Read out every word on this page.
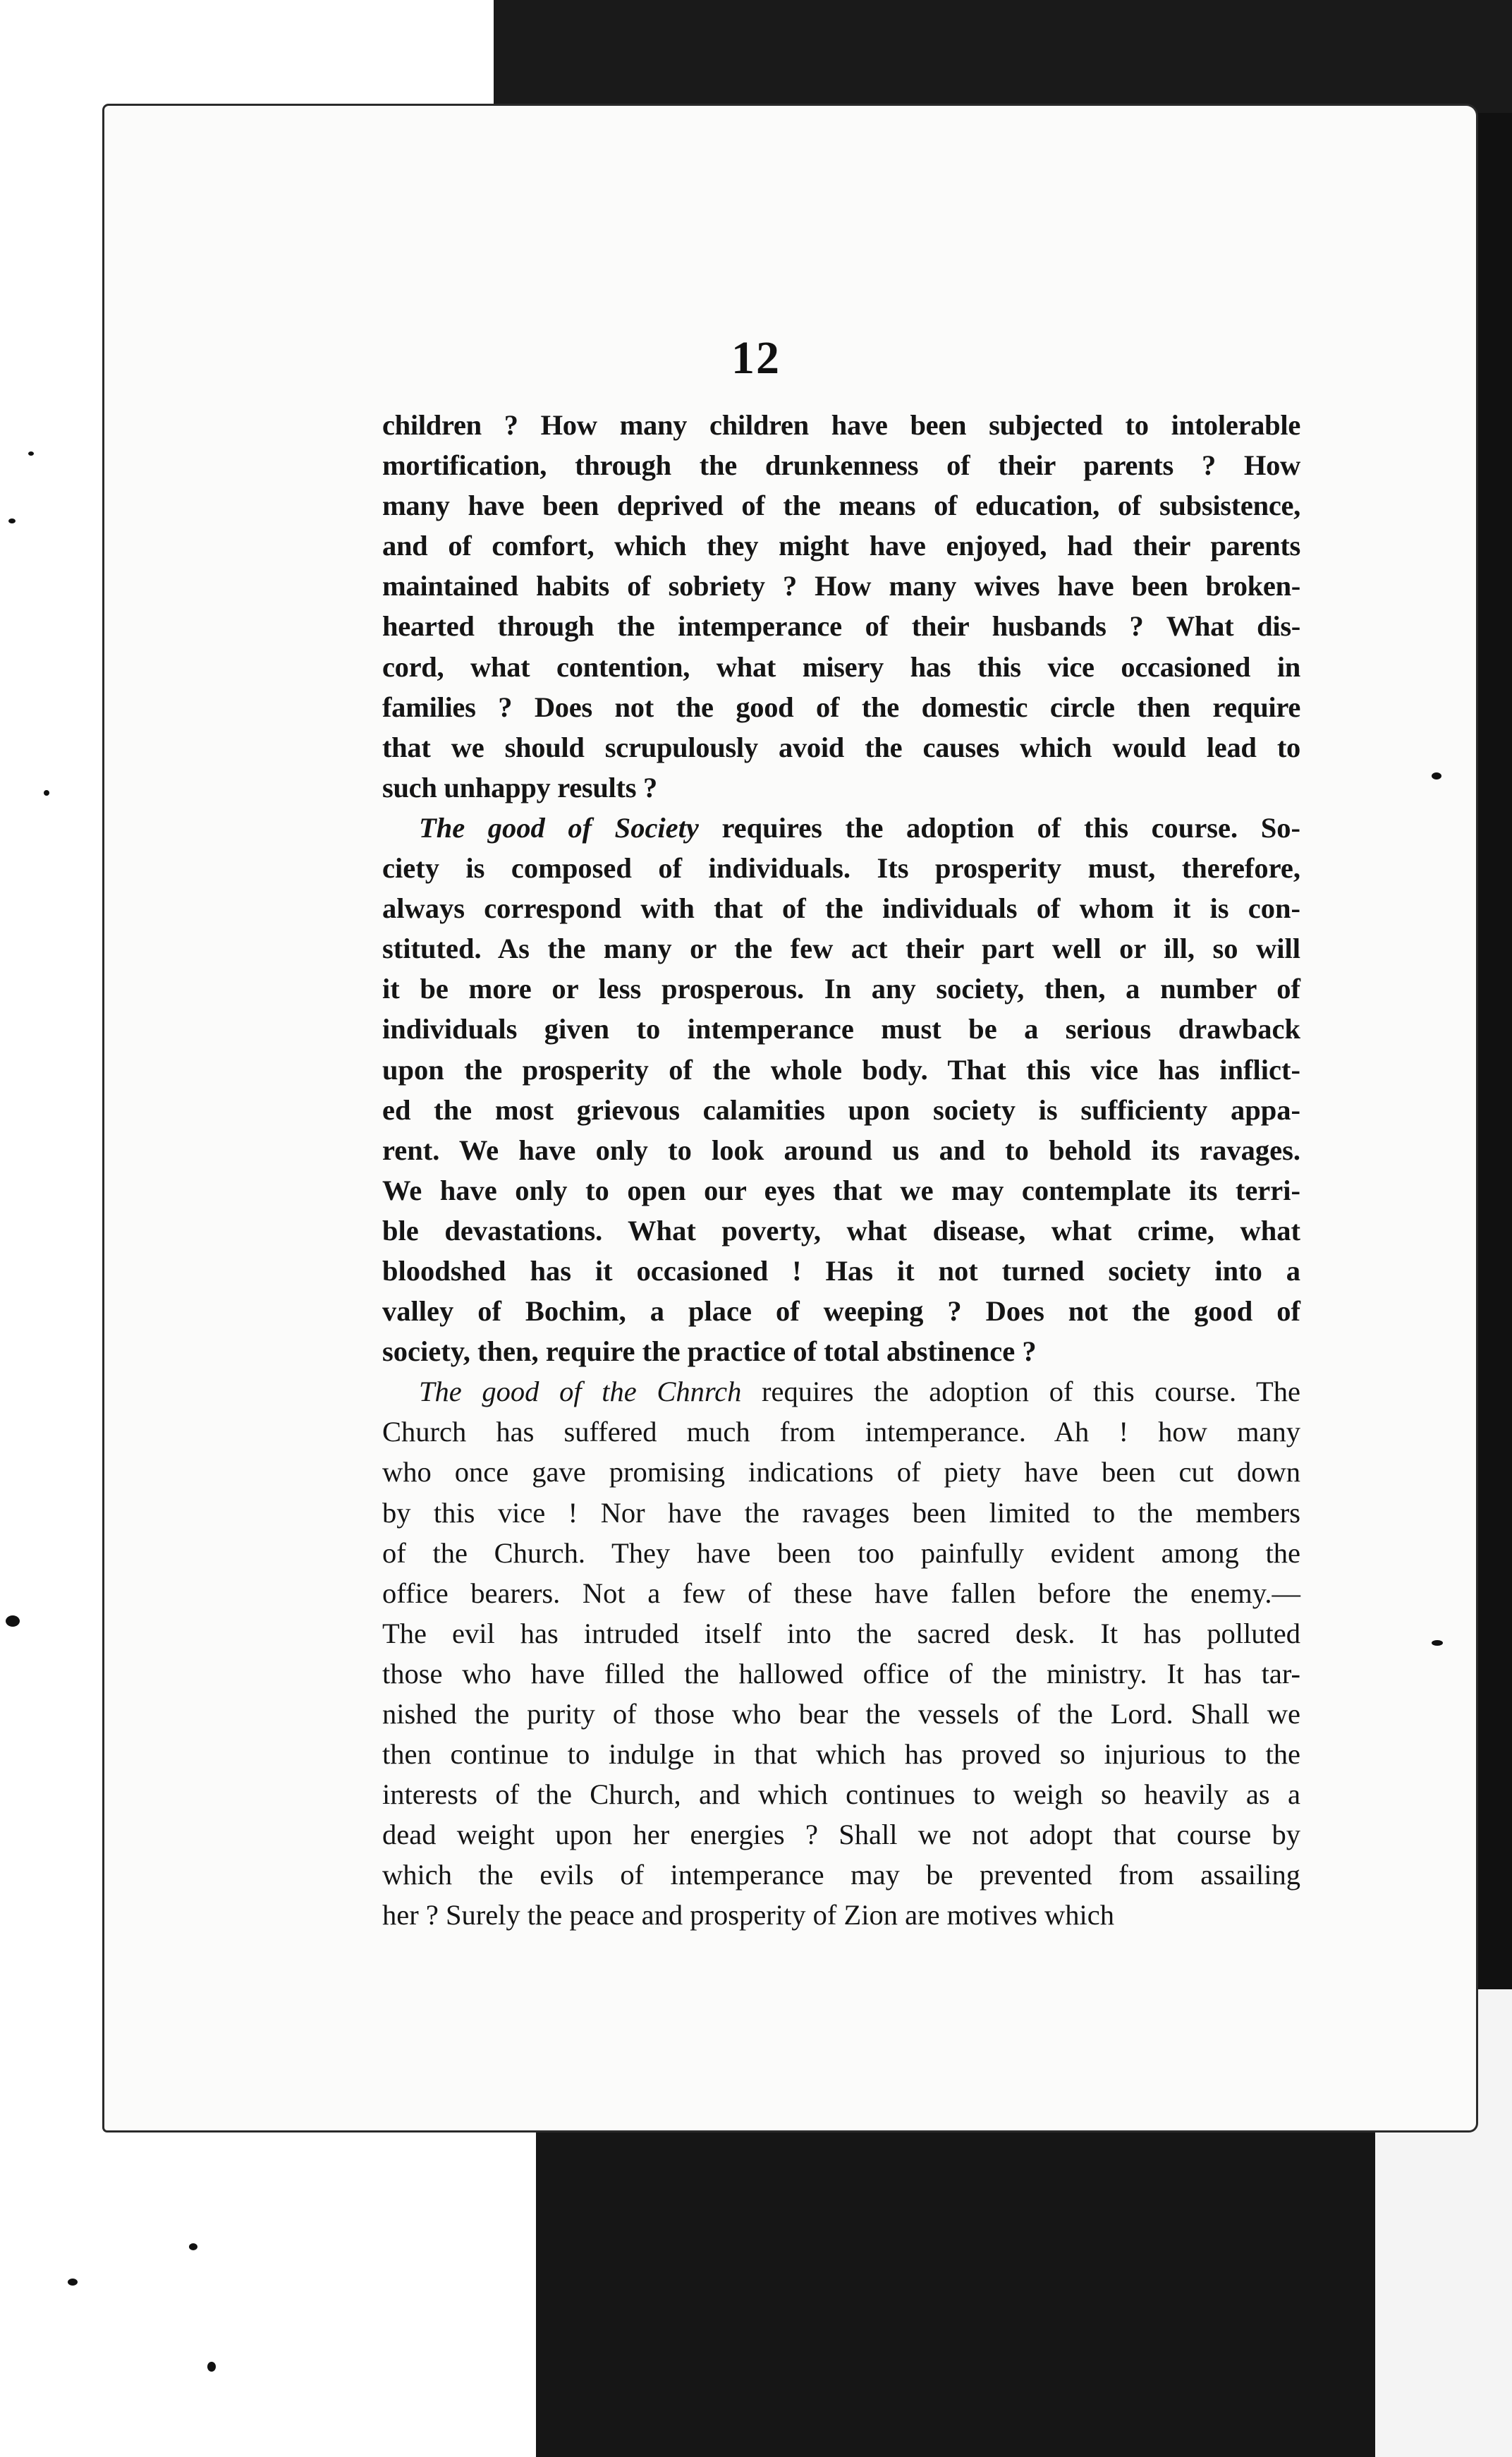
12

children ? How many children have been subjected to intolerable
mortification, through the drunkenness of their parents ? How
many have been deprived of the means of education, of subsistence,
and of comfort, which they might have enjoyed, had their parents
maintained habits of sobriety ? How many wives have been broken-
hearted through the intemperance of their husbands ? What dis-
cord, what contention, what misery has this vice occasioned in
families ? Does not the good of the domestic circle then require
that we should scrupulously avoid the causes which would lead to
such unhappy results ?

The good of Society requires the adoption of this course. So-
ciety is composed of individuals. Its prosperity must, therefore,
always correspond with that of the individuals of whom it is con-
stituted. As the many or the few act their part well or ill, so will
it be more or less prosperous. In any society, then, a number of
individuals given to intemperance must be a serious drawback
upon the prosperity of the whole body. That this vice has inflict-
ed the most grievous calamities upon society is sufficienty appa-
rent. We have only to look around us and to behold its ravages.
We have only to open our eyes that we may contemplate its terri-
ble devastations. What poverty, what disease, what crime, what
bloodshed has it occasioned ! Has it not turned society into a
valley of Bochim, a place of weeping ? Does not the good of
society, then, require the practice of total abstinence ?

The good of the Chnrch requires the adoption of this course. The
Church has suffered much from intemperance. Ah ! how many
who once gave promising indications of piety have been cut down
by this vice ! Nor have the ravages been limited to the members
of the Church. They have been too painfully evident among the
office bearers. Not a few of these have fallen before the enemy.—
The evil has intruded itself into the sacred desk. It has polluted
those who have filled the hallowed office of the ministry. It has tar-
nished the purity of those who bear the vessels of the Lord. Shall we
then continue to indulge in that which has proved so injurious to the
interests of the Church, and which continues to weigh so heavily as a
dead weight upon her energies ? Shall we not adopt that course by
which the evils of intemperance may be prevented from assailing
her ? Surely the peace and prosperity of Zion are motives which
